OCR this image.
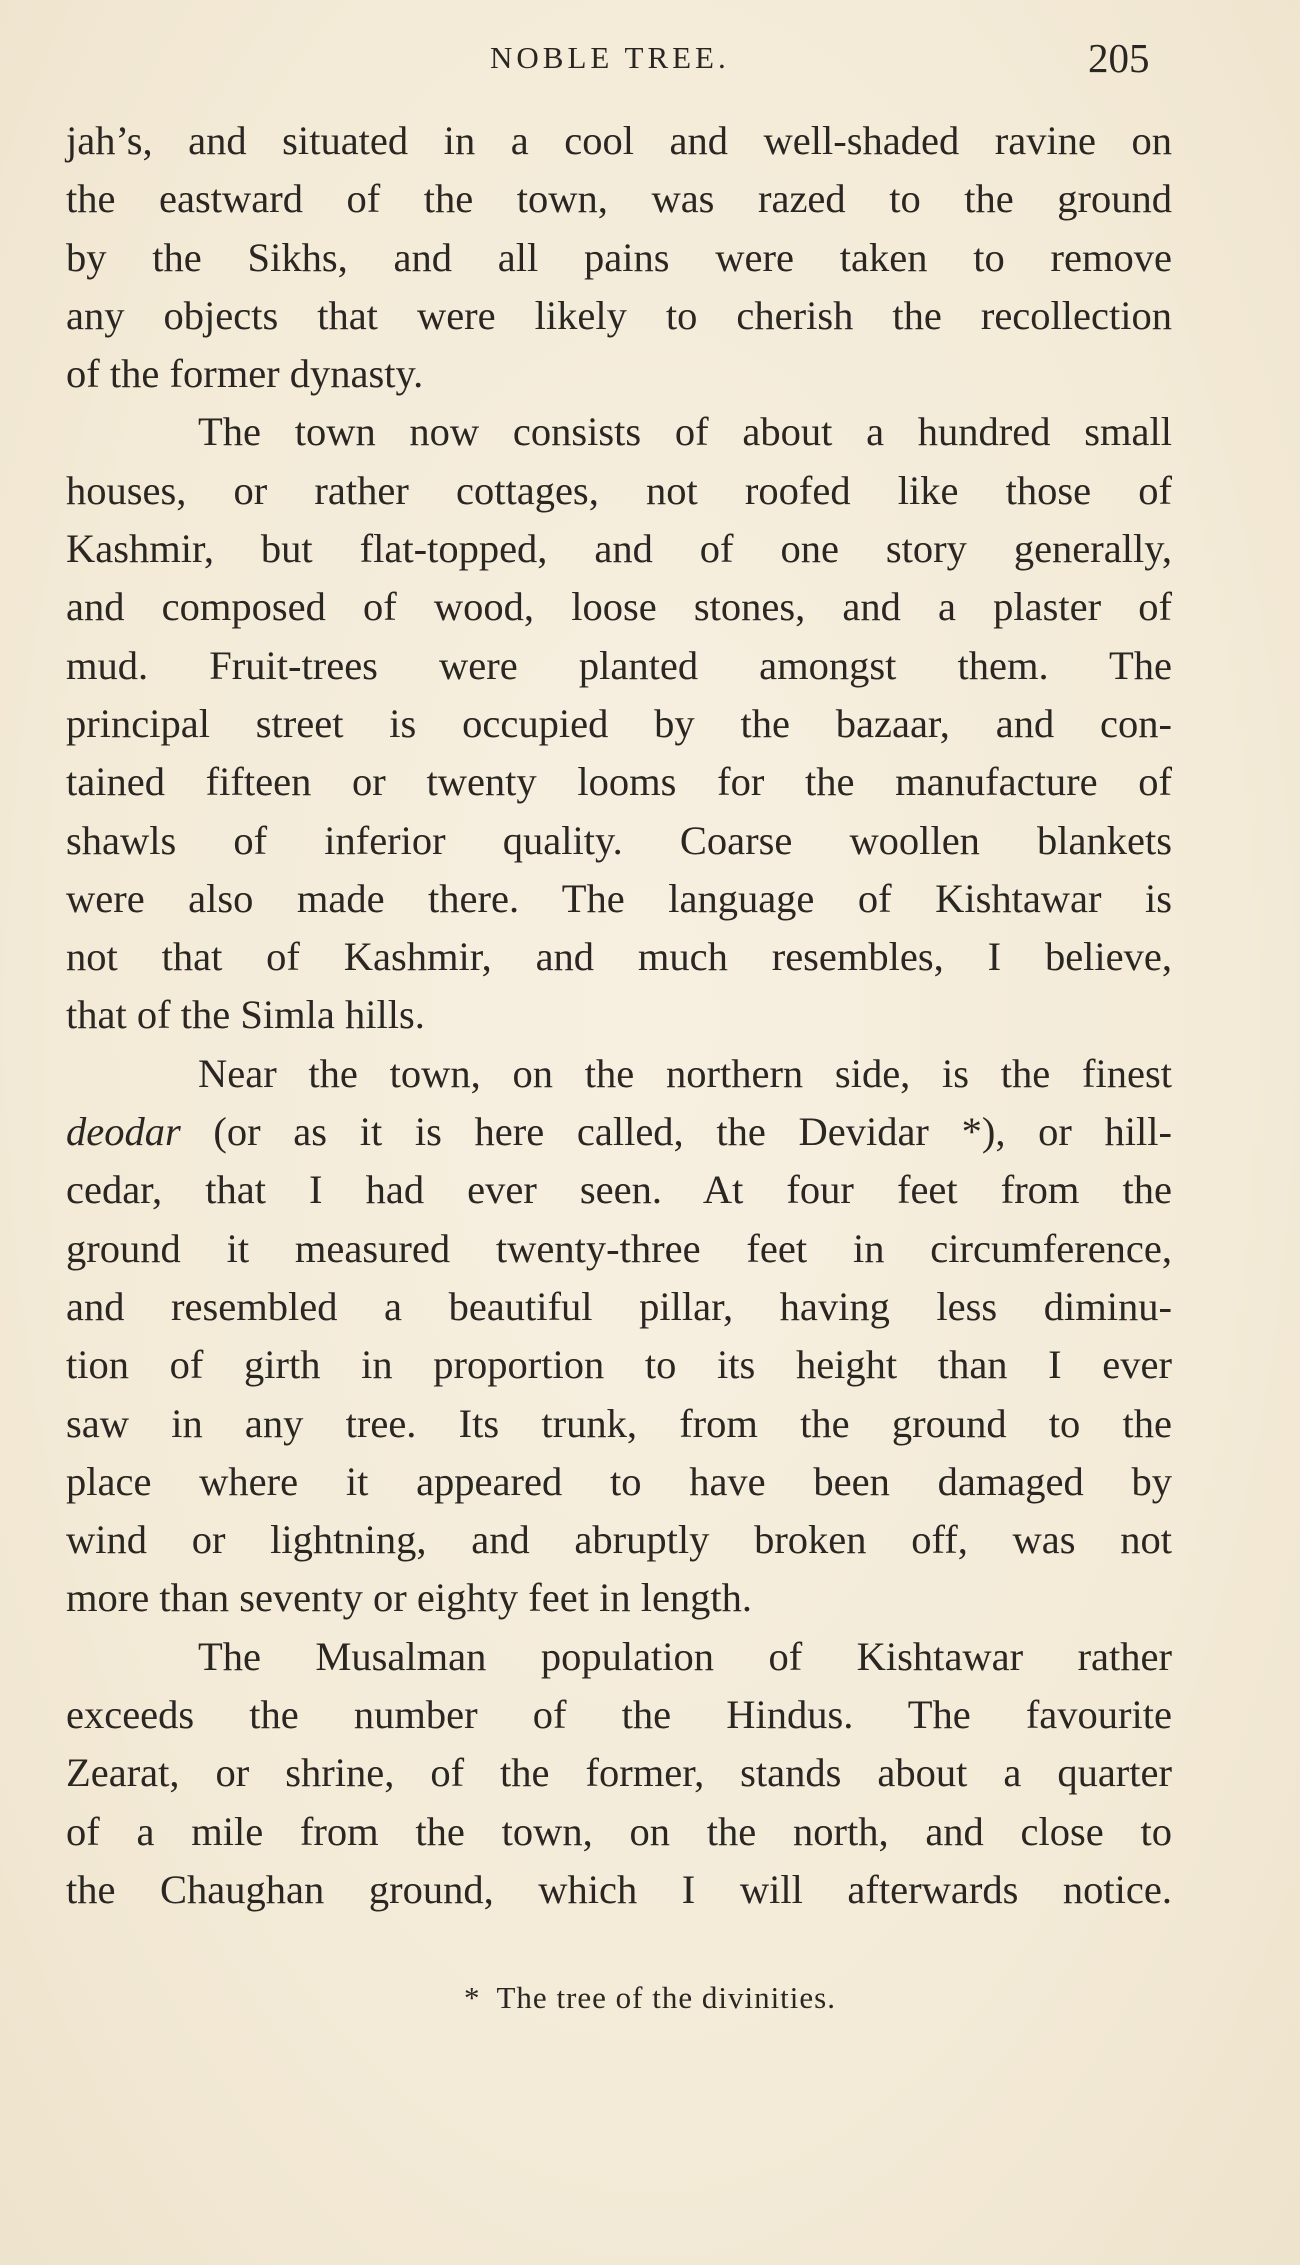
NOBLE TREE.	205

jah’s, and situated in a cool and well-shaded ravine on
the eastward of the town, was razed to the ground
by the Sikhs, and all pains were taken to remove
any objects that were likely to cherish the recollection
of the former dynasty.

The town now consists of about a hundred small
houses, or rather cottages, not roofed like those of
Kashmir, but flat-topped, and of one story generally,
and composed of wood, loose stones, and a plaster of
mud. Fruit-trees were planted amongst them. The
principal street is occupied by the bazaar, and con-
tained fifteen or twenty looms for the manufacture of
shawls of inferior quality. Coarse woollen blankets
were also made there. The language of Kishtawar is
not that of Kashmir, and much resembles, I believe,
that of the Simla hills.

Near the town, on the northern side, is the finest
deodar (or as it is here called, the Devidar *), or hill-
cedar, that I had ever seen. At four feet from the
ground it measured twenty-three feet in circumference,
and resembled a beautiful pillar, having less diminu-
tion of girth in proportion to its height than I ever
saw in any tree. Its trunk, from the ground to the
place where it appeared to have been damaged by
wind or lightning, and abruptly broken off, was not
more than seventy or eighty feet in length.

The Musalman population of Kishtawar rather
exceeds the number of the Hindus. The favourite
Zearat, or shrine, of the former, stands about a quarter
of a mile from the town, on the north, and close to
the Chaughan ground, which I will afterwards notice.

* The tree of the divinities.
